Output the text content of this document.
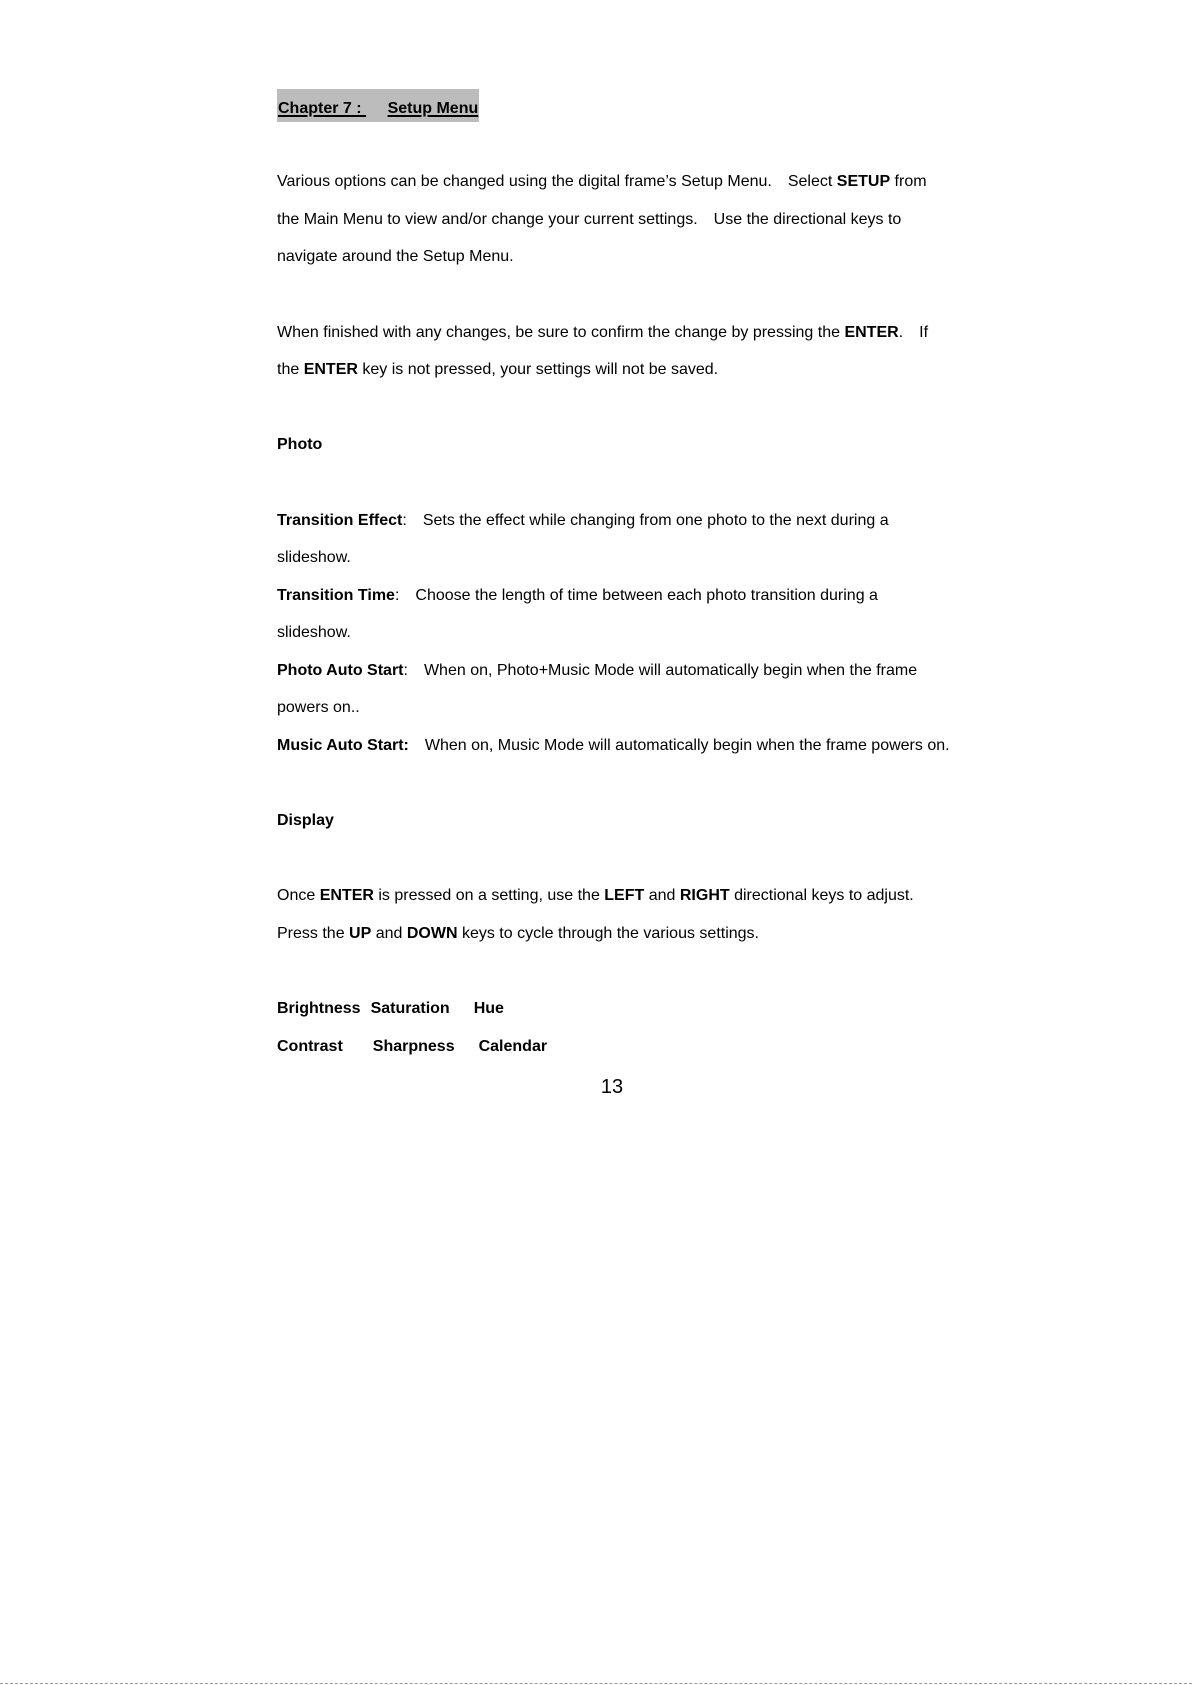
Chapter 7 : Setup Menu
Various options can be changed using the digital frame’s Setup Menu. Select SETUP from
the Main Menu to view and/or change your current settings. Use the directional keys to
navigate around the Setup Menu.
When finished with any changes, be sure to confirm the change by pressing the ENTER. If
the ENTER key is not pressed, your settings will not be saved.
Photo
Transition Effect: Sets the effect while changing from one photo to the next during a
slideshow.
Transition Time: Choose the length of time between each photo transition during a
slideshow.
Photo Auto Start: When on, Photo+Music Mode will automatically begin when the frame
powers on..
Music Auto Start: When on, Music Mode will automatically begin when the frame powers on.
Display
Once ENTER is pressed on a setting, use the LEFT and RIGHT directional keys to adjust.
Press the UP and DOWN keys to cycle through the various settings.
Brightness Saturation Hue
Contrast Sharpness Calendar
13
